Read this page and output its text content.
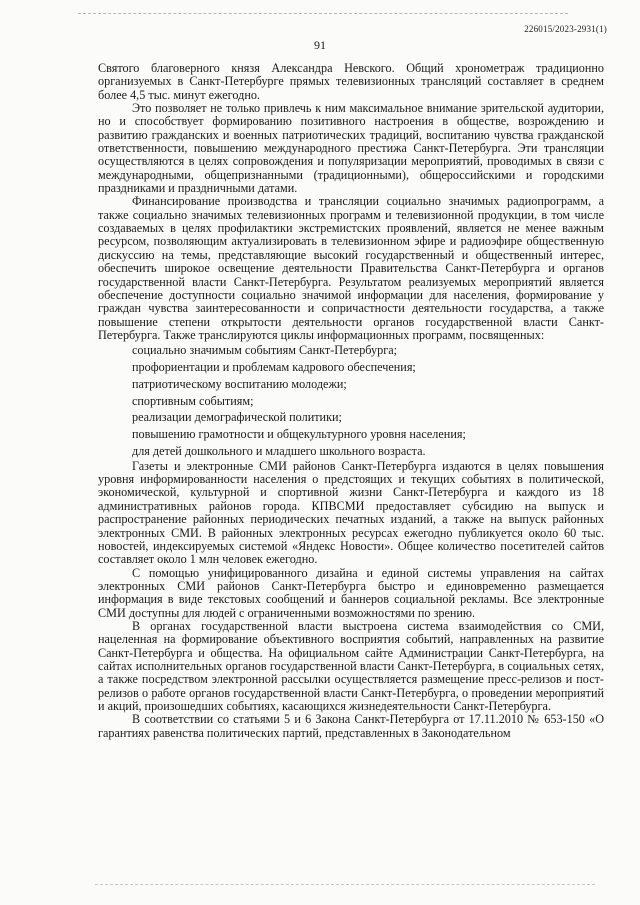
226015/2023-2931(1)
91

Святого благоверного князя Александра Невского. Общий хронометраж традиционно организуемых в Санкт-Петербурге прямых телевизионных трансляций составляет в среднем более 4,5 тыс. минут ежегодно.

Это позволяет не только привлечь к ним максимальное внимание зрительской аудитории, но и способствует формированию позитивного настроения в обществе, возрождению и развитию гражданских и военных патриотических традиций, воспитанию чувства гражданской ответственности, повышению международного престижа Санкт-Петербурга. Эти трансляции осуществляются в целях сопровождения и популяризации мероприятий, проводимых в связи с международными, общепризнанными (традиционными), общероссийскими и городскими праздниками и праздничными датами.

Финансирование производства и трансляции социально значимых радиопрограмм, а также социально значимых телевизионных программ и телевизионной продукции, в том числе создаваемых в целях профилактики экстремистских проявлений, является не менее важным ресурсом, позволяющим актуализировать в телевизионном эфире и радиоэфире общественную дискуссию на темы, представляющие высокий государственный и общественный интерес, обеспечить широкое освещение деятельности Правительства Санкт-Петербурга и органов государственной власти Санкт-Петербурга. Результатом реализуемых мероприятий является обеспечение доступности социально значимой информации для населения, формирование у граждан чувства заинтересованности и сопричастности деятельности государства, а также повышение степени открытости деятельности органов государственной власти Санкт-Петербурга. Также транслируются циклы информационных программ, посвященных:

социально значимым событиям Санкт-Петербурга;
профориентации и проблемам кадрового обеспечения;
патриотическому воспитанию молодежи;
спортивным событиям;
реализации демографической политики;
повышению грамотности и общекультурного уровня населения;
для детей дошкольного и младшего школьного возраста.

Газеты и электронные СМИ районов Санкт-Петербурга издаются в целях повышения уровня информированности населения о предстоящих и текущих событиях в политической, экономической, культурной и спортивной жизни Санкт-Петербурга и каждого из 18 административных районов города. КПВСМИ предоставляет субсидию на выпуск и распространение районных периодических печатных изданий, а также на выпуск районных электронных СМИ. В районных электронных ресурсах ежегодно публикуется около 60 тыс. новостей, индексируемых системой «Яндекс Новости». Общее количество посетителей сайтов составляет около 1 млн человек ежегодно.

С помощью унифицированного дизайна и единой системы управления на сайтах электронных СМИ районов Санкт-Петербурга быстро и единовременно размещается информация в виде текстовых сообщений и баннеров социальной рекламы. Все электронные СМИ доступны для людей с ограниченными возможностями по зрению.

В органах государственной власти выстроена система взаимодействия со СМИ, нацеленная на формирование объективного восприятия событий, направленных на развитие Санкт-Петербурга и общества. На официальном сайте Администрации Санкт-Петербурга, на сайтах исполнительных органов государственной власти Санкт-Петербурга, в социальных сетях, а также посредством электронной рассылки осуществляется размещение пресс-релизов и пост-релизов о работе органов государственной власти Санкт-Петербурга, о проведении мероприятий и акций, произошедших событиях, касающихся жизнедеятельности Санкт-Петербурга.

В соответствии со статьями 5 и 6 Закона Санкт-Петербурга от 17.11.2010 № 653-150 «О гарантиях равенства политических партий, представленных в Законодательном
